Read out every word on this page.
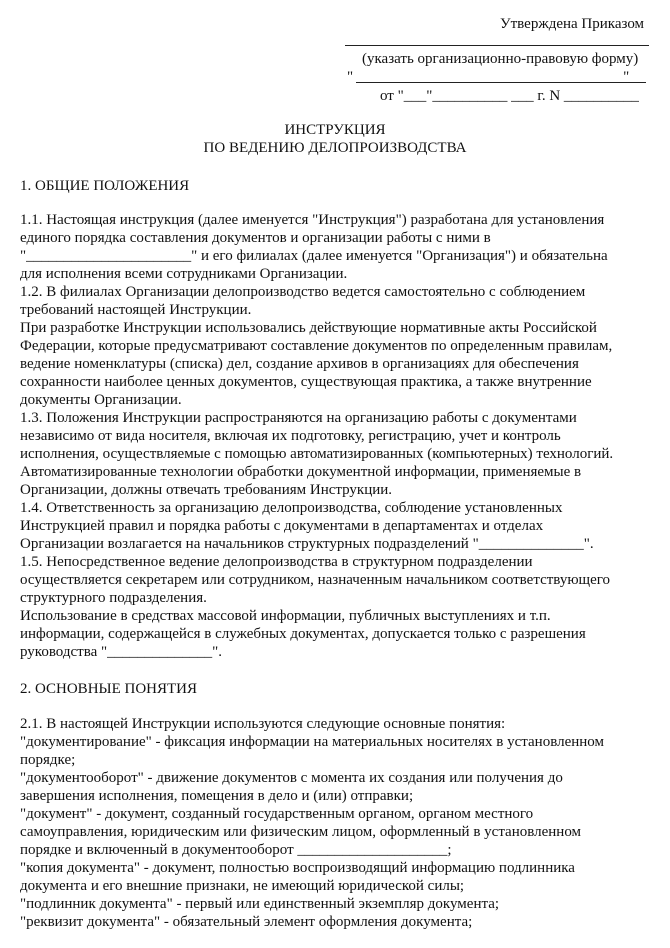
Утверждена Приказом
(указать организационно-правовую форму)
"                                                                        "
от "___"__________ ___ г. N __________
ИНСТРУКЦИЯ
ПО ВЕДЕНИЮ ДЕЛОПРОИЗВОДСТВА
1. ОБЩИЕ ПОЛОЖЕНИЯ

1.1. Настоящая инструкция (далее именуется "Инструкция") разработана для установления

единого порядка составления документов и организации работы с ними в

"______________________" и его филиалах (далее именуется "Организация") и обязательна

для исполнения всеми сотрудниками Организации.

1.2. В филиалах Организации делопроизводство ведется самостоятельно с соблюдением

требований настоящей Инструкции.

При разработке Инструкции использовались действующие нормативные акты Российской

Федерации, которые предусматривают составление документов по определенным правилам,

ведение номенклатуры (списка) дел, создание архивов в организациях для обеспечения

сохранности наиболее ценных документов, существующая практика, а также внутренние

документы Организации.

1.3. Положения Инструкции распространяются на организацию работы с документами

независимо от вида носителя, включая их подготовку, регистрацию, учет и контроль

исполнения, осуществляемые с помощью автоматизированных (компьютерных) технологий.

Автоматизированные технологии обработки документной информации, применяемые в

Организации, должны отвечать требованиям Инструкции.

1.4. Ответственность за организацию делопроизводства, соблюдение установленных

Инструкцией правил и порядка работы с документами в департаментах и отделах

Организации возлагается на начальников структурных подразделений "______________".

1.5. Непосредственное ведение делопроизводства в структурном подразделении

осуществляется секретарем или сотрудником, назначенным начальником соответствующего

структурного подразделения.

Использование в средствах массовой информации, публичных выступлениях и т.п.

информации, содержащейся в служебных документах, допускается только с разрешения

руководства "______________".

2. ОСНОВНЫЕ ПОНЯТИЯ

2.1. В настоящей Инструкции используются следующие основные понятия:

"документирование" - фиксация информации на материальных носителях в установленном

порядке;

"документооборот" - движение документов с момента их создания или получения до

завершения исполнения, помещения в дело и (или) отправки;

"документ" - документ, созданный государственным органом, органом местного

самоуправления, юридическим или физическим лицом, оформленный в установленном

порядке и включенный в документооборот ____________________;

"копия документа" - документ, полностью воспроизводящий информацию подлинника

документа и его внешние признаки, не имеющий юридической силы;

"подлинник документа" - первый или единственный экземпляр документа;

"реквизит документа" - обязательный элемент оформления документа;
